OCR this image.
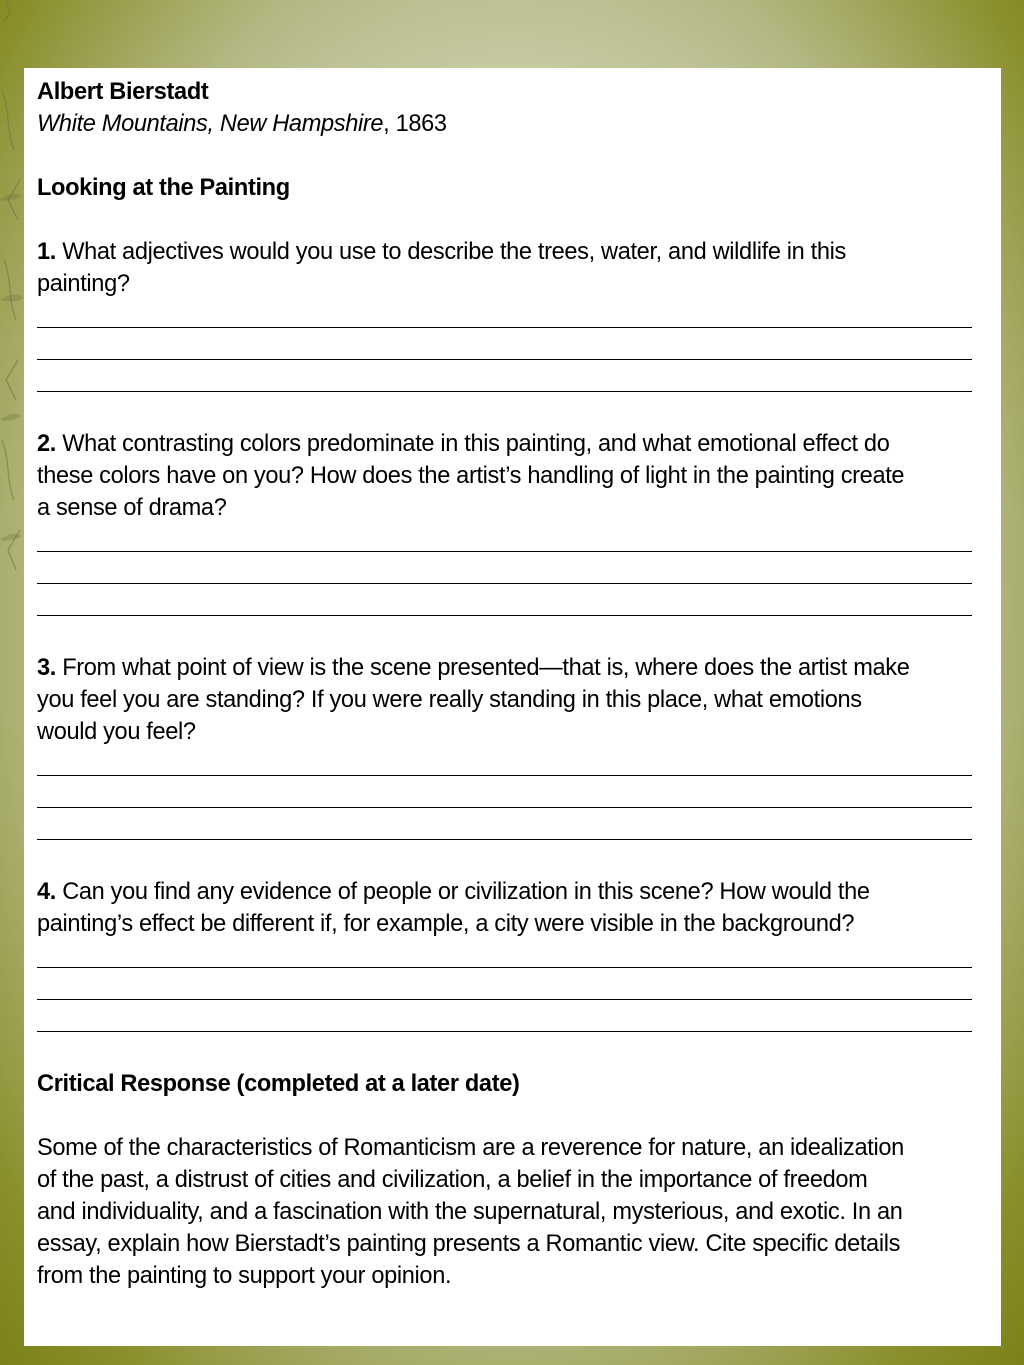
Albert Bierstadt
White Mountains, New Hampshire, 1863
Looking at the Painting
1. What adjectives would you use to describe the trees, water, and wildlife in this
painting?
2. What contrasting colors predominate in this painting, and what emotional effect do
these colors have on you? How does the artist’s handling of light in the painting create
a sense of drama?
3. From what point of view is the scene presented—that is, where does the artist make
you feel you are standing? If you were really standing in this place, what emotions
would you feel?
4. Can you find any evidence of people or civilization in this scene? How would the
painting’s effect be different if, for example, a city were visible in the background?
Critical Response (completed at a later date)
Some of the characteristics of Romanticism are a reverence for nature, an idealization
of the past, a distrust of cities and civilization, a belief in the importance of freedom
and individuality, and a fascination with the supernatural, mysterious, and exotic. In an
essay, explain how Bierstadt’s painting presents a Romantic view. Cite specific details
from the painting to support your opinion.
